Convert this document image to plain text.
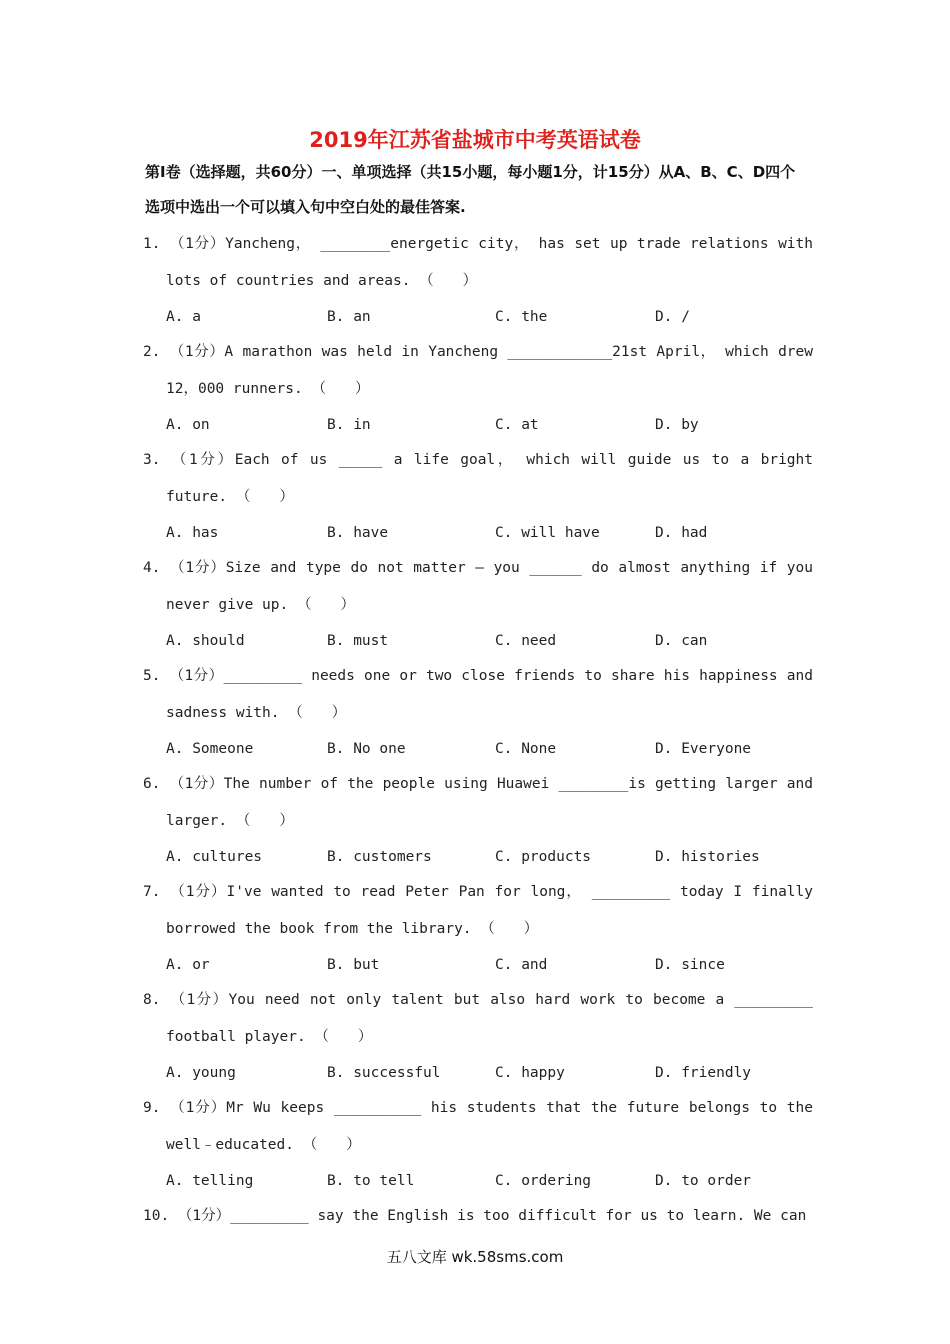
2019年江苏省盐城市中考英语试卷
第Ⅰ卷（选择题，共60分）一、单项选择（共15小题，每小题1分，计15分）从A、B、C、D四个选项中选出一个可以填入句中空白处的最佳答案.
1. （1分）Yancheng， ________energetic city， has set up trade relations with lots of countries and areas. （　　）
A. a	B. an	C. the	D. /
2. （1分）A marathon was held in Yancheng ____________21st April， which drew 12，000 runners. （　　）
A. on	B. in	C. at	D. by
3. （1分）Each of us _____ a life goal， which will guide us to a bright future. （　　）
A. has	B. have	C. will have	D. had
4. （1分）Size and type do not matter – you ______ do almost anything if you never give up. （　　）
A. should	B. must	C. need	D. can
5. （1分）_________ needs one or two close friends to share his happiness and sadness with. （　　）
A. Someone	B. No one	C. None	D. Everyone
6. （1分）The number of the people using Huawei ________is getting larger and larger. （　　）
A. cultures	B. customers	C. products	D. histories
7. （1分）I've wanted to read Peter Pan for long， _________ today I finally borrowed the book from the library. （　　）
A. or	B. but	C. and	D. since
8. （1分）You need not only talent but also hard work to become a _________ football player. （　　）
A. young	B. successful	C. happy	D. friendly
9. （1分）Mr Wu keeps __________ his students that the future belongs to the well﹣educated. （　　）
A. telling	B. to tell	C. ordering	D. to order
10. （1分）_________ say the English is too difficult for us to learn. We can
五八文库 wk.58sms.com
